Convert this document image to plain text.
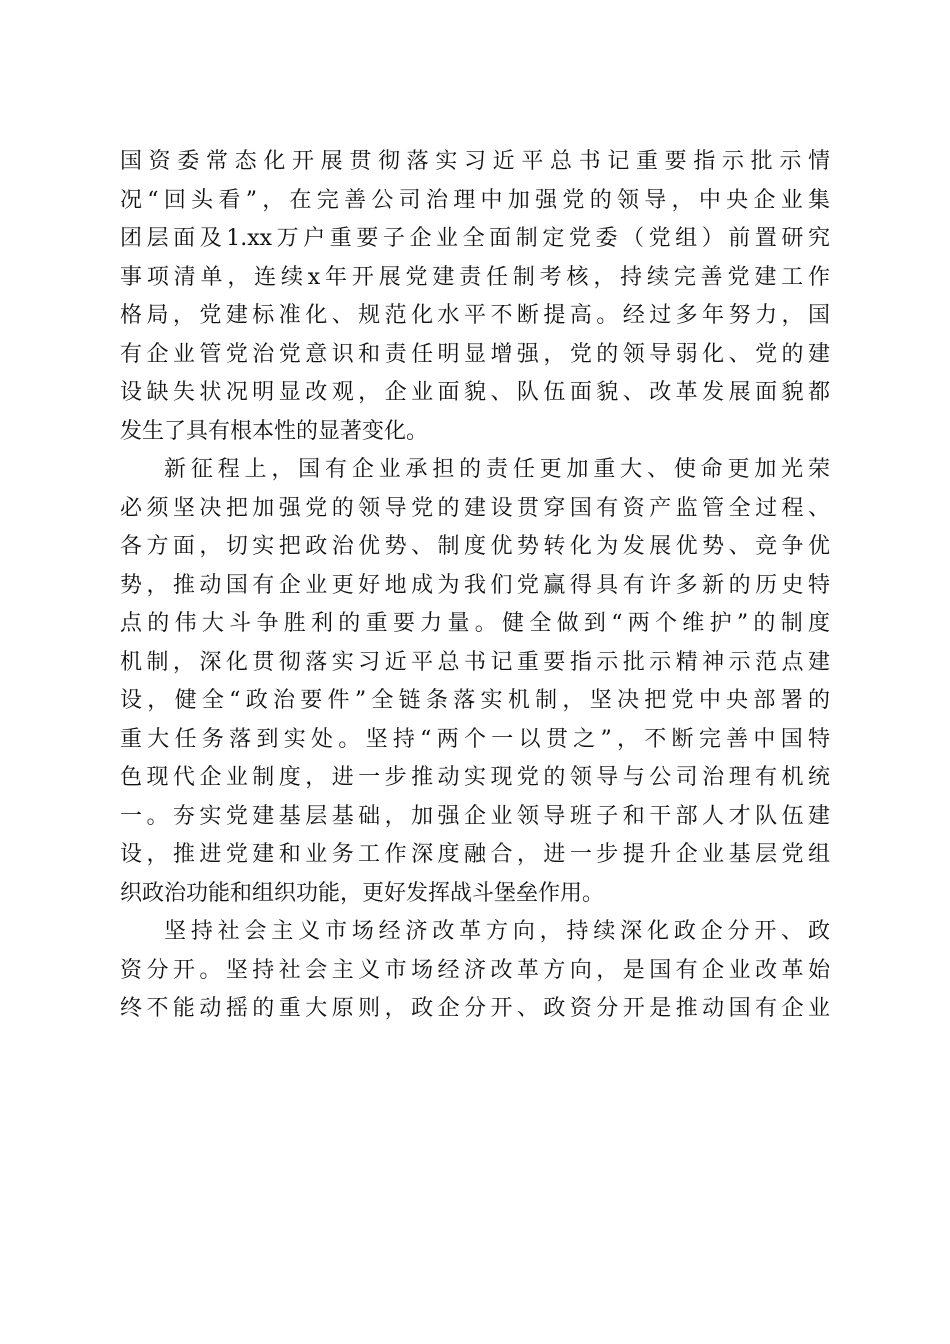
国资委常态化开展贯彻落实习近平总书记重要指示批示情
况“回头看”，在完善公司治理中加强党的领导，中央企业集
团层面及1.xx万户重要子企业全面制定党委（党组）前置研究
事项清单，连续x年开展党建责任制考核，持续完善党建工作
格局，党建标准化、规范化水平不断提高。经过多年努力，国
有企业管党治党意识和责任明显增强，党的领导弱化、党的建
设缺失状况明显改观，企业面貌、队伍面貌、改革发展面貌都
发生了具有根本性的显著变化。
新征程上，国有企业承担的责任更加重大、使命更加光荣
必须坚决把加强党的领导党的建设贯穿国有资产监管全过程、
各方面，切实把政治优势、制度优势转化为发展优势、竞争优
势，推动国有企业更好地成为我们党赢得具有许多新的历史特
点的伟大斗争胜利的重要力量。健全做到“两个维护”的制度
机制，深化贯彻落实习近平总书记重要指示批示精神示范点建
设，健全“政治要件”全链条落实机制，坚决把党中央部署的
重大任务落到实处。坚持“两个一以贯之”，不断完善中国特
色现代企业制度，进一步推动实现党的领导与公司治理有机统
一。夯实党建基层基础，加强企业领导班子和干部人才队伍建
设，推进党建和业务工作深度融合，进一步提升企业基层党组
织政治功能和组织功能，更好发挥战斗堡垒作用。
坚持社会主义市场经济改革方向，持续深化政企分开、政
资分开。坚持社会主义市场经济改革方向，是国有企业改革始
终不能动摇的重大原则，政企分开、政资分开是推动国有企业
